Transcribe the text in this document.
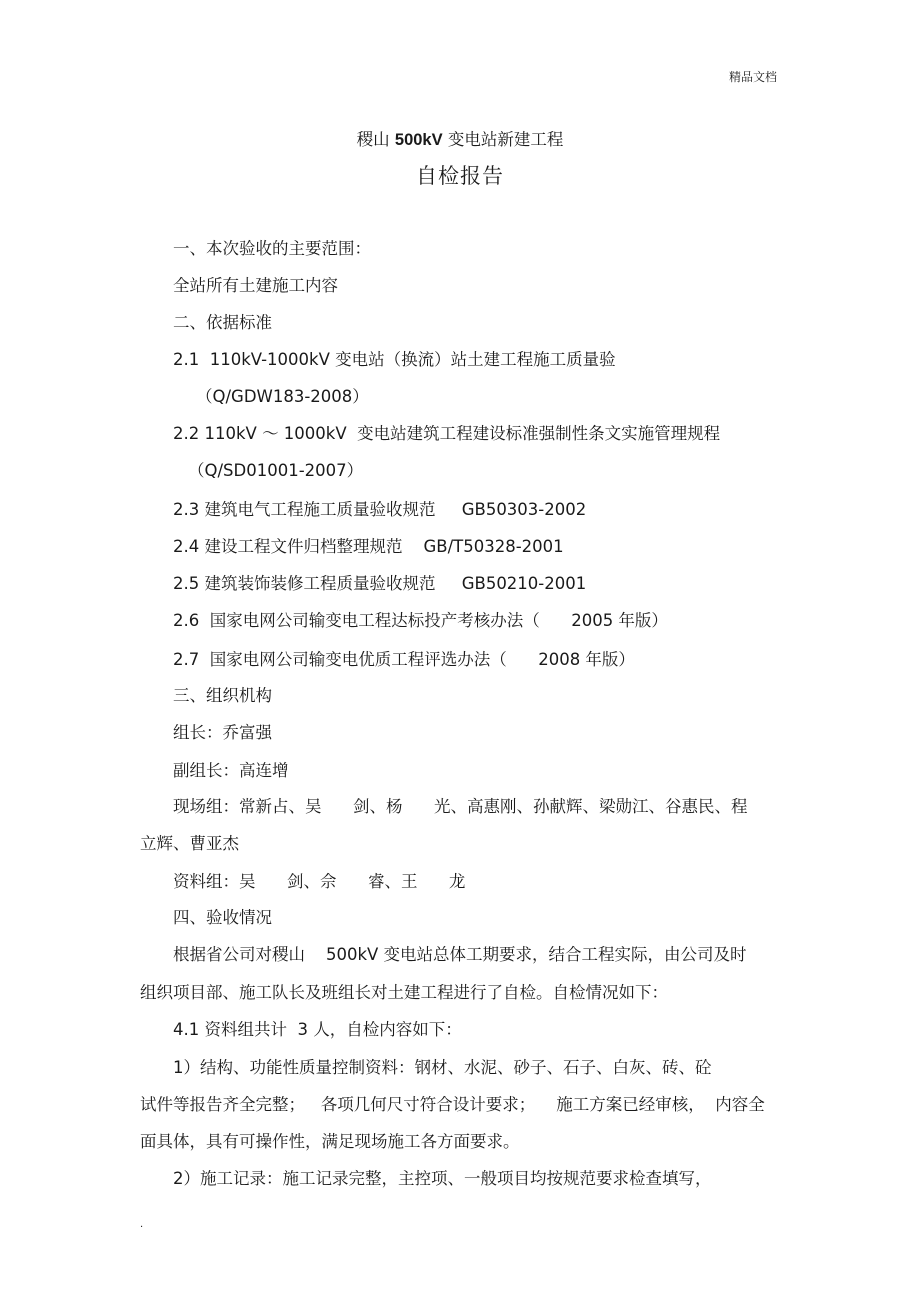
精品文档
稷山 500kV 变电站新建工程
自检报告
一、本次验收的主要范围：
全站所有土建施工内容
二、依据标准
2.1  110kV-1000kV 变电站（换流）站土建工程施工质量验
（Q/GDW183-2008）
2.2 110kV ～ 1000kV  变电站建筑工程建设标准强制性条文实施管理规程
（Q/SD01001-2007）
2.3 建筑电气工程施工质量验收规范     GB50303-2002
2.4 建设工程文件归档整理规范    GB/T50328-2001
2.5 建筑装饰装修工程质量验收规范     GB50210-2001
2.6  国家电网公司输变电工程达标投产考核办法（      2005 年版）
2.7  国家电网公司输变电优质工程评选办法（      2008 年版）
三、组织机构
组长：乔富强
副组长：高连增
现场组：常新占、吴      剑、杨      光、高惠刚、孙献辉、梁勋江、谷惠民、程
立辉、曹亚杰
资料组：吴      剑、佘      睿、王      龙
四、验收情况
根据省公司对稷山    500kV 变电站总体工期要求，结合工程实际，由公司及时
组织项目部、施工队长及班组长对土建工程进行了自检。自检情况如下：
4.1 资料组共计  3 人，自检内容如下：
1）结构、功能性质量控制资料：钢材、水泥、砂子、石子、白灰、砖、砼
试件等报告齐全完整；   各项几何尺寸符合设计要求；    施工方案已经审核，  内容全
面具体，具有可操作性，满足现场施工各方面要求。
2）施工记录：施工记录完整，主控项、一般项目均按规范要求检查填写，
.
